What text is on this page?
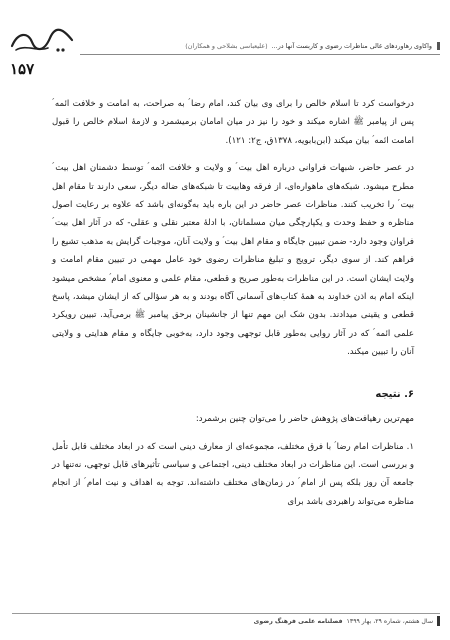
۱۵۷
واکاوی رهاوردهای غالی مناظرات رضوی و کاربست آنها در...
(علیعباسی بشلاحی و همکاران)

درخواست کرد تا اسلام خالص را برای وی بیان کند، امام رضا ؑ به صراحت، به امامت و خلافت ائمه ؑ پس از پیامبر ﷺ اشاره میکند و خود را نیز در میان امامان برمیشمرد و لازمهٔ اسلام خالص را قبول امامت ائمه ؑ بیان میکند (ابن‌بابویه، ۱۳۷۸ق، ج۲: ۱۲۱).

در عصر حاضر، شبهات فراوانی درباره اهل بیت ؑ و ولایت و خلافت ائمه ؑ توسط دشمنان اهل بیت ؑ مطرح میشود. شبکه‌های ماهواره‌ای، از فرقه وهابیت تا شبکه‌های ضاله دیگر، سعی دارند تا مقام اهل بیت ؑ را تخریب کنند. مناظرات عصر حاضر در این باره باید به‌گونه‌ای باشد که علاوه بر رعایت اصول مناظره و حفظ وحدت و یکپارچگی میان مسلمانان، با ادلهٔ معتبر نقلی و عقلی- که در آثار اهل بیت ؑ فراوان وجود دارد- ضمن تبیین جایگاه و مقام اهل بیت ؑ و ولایت آنان، موجبات گرایش به مذهب تشیع را فراهم کند. از سوی دیگر، ترویج و تبلیغ مناظرات رضوی خود عامل مهمی در تبیین مقام امامت و ولایت ایشان است. در این مناظرات به‌طور صریح و قطعی، مقام علمی و معنوی امام ؑ مشخص میشود اینکه امام به اذن خداوند به همهٔ کتاب‌های آسمانی آگاه بودند و به هر سؤالی که از ایشان میشد، پاسخ قطعی و یقینی میدادند. بدون شک این مهم تنها از جانشینان برحق پیامبر ﷺ برمی‌آید. تبیین رویکرد علمی ائمه ؑ که در آثار روایی به‌طور قابل توجهی وجود دارد، به‌خوبی جایگاه و مقام هدایتی و ولایتی آنان را تبیین میکند.

۶. نتیجه

مهم‌ترین رهیافت‌های پژوهش حاضر را می‌توان چنین برشمرد:

۱. مناظرات امام رضا ؑ با فرق مختلف، مجموعه‌ای از معارف دینی است که در ابعاد مختلف قابل تأمل و بررسی است. این مناظرات در ابعاد مختلف دینی، اجتماعی و سیاسی تأثیرهای قابل توجهی، نه‌تنها در جامعه آن روز بلکه پس از امام ؑ در زمان‌های مختلف داشته‌اند. توجه به اهداف و نیت امام ؑ از انجام مناظره می‌تواند راهبردی باشد برای

سال هشتم، شماره ۲۹، بهار ۱۳۹۹
فصلنامه علمی فرهنگ رضوی
